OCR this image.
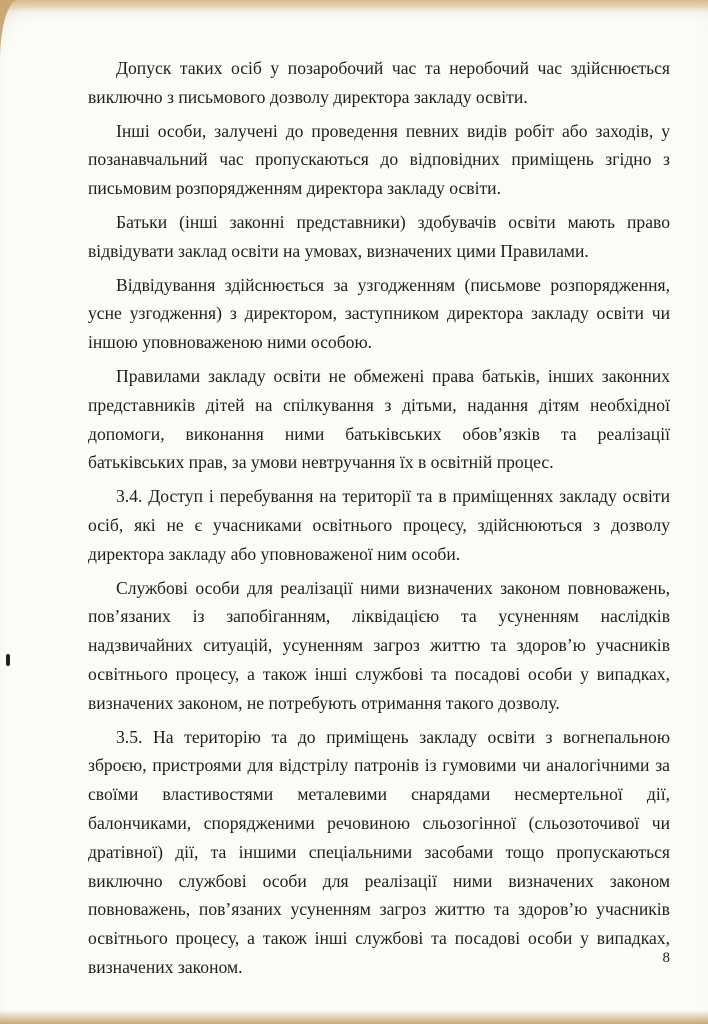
Допуск таких осіб у позаробочий час та неробочий час здійснюється виключно з письмового дозволу директора закладу освіти.

Інші особи, залучені до проведення певних видів робіт або заходів, у позанавчальний час пропускаються до відповідних приміщень згідно з письмовим розпорядженням директора закладу освіти.

Батьки (інші законні представники) здобувачів освіти мають право відвідувати заклад освіти на умовах, визначених цими Правилами.

Відвідування здійснюється за узгодженням (письмове розпорядження, усне узгодження) з директором, заступником директора закладу освіти чи іншою уповноваженою ними особою.

Правилами закладу освіти не обмежені права батьків, інших законних представників дітей на спілкування з дітьми, надання дітям необхідної допомоги, виконання ними батьківських обов’язків та реалізації батьківських прав, за умови невтручання їх в освітній процес.

3.4. Доступ і перебування на території та в приміщеннях закладу освіти осіб, які не є учасниками освітнього процесу, здійснюються з дозволу директора закладу або уповноваженої ним особи.

Службові особи для реалізації ними визначених законом повноважень, пов’язаних із запобіганням, ліквідацією та усуненням наслідків надзвичайних ситуацій, усуненням загроз життю та здоров’ю учасників освітнього процесу, а також інші службові та посадові особи у випадках, визначених законом, не потребують отримання такого дозволу.

3.5. На територію та до приміщень закладу освіти з вогнепальною зброєю, пристроями для відстрілу патронів із гумовими чи аналогічними за своїми властивостями металевими снарядами несмертельної дії, балончиками, спорядженими речовиною сльозогінної (сльозоточивої чи дратівної) дії, та іншими спеціальними засобами тощо пропускаються виключно службові особи для реалізації ними визначених законом повноважень, пов’язаних усуненням загроз життю та здоров’ю учасників освітнього процесу, а також інші службові та посадові особи у випадках, визначених законом.	8
